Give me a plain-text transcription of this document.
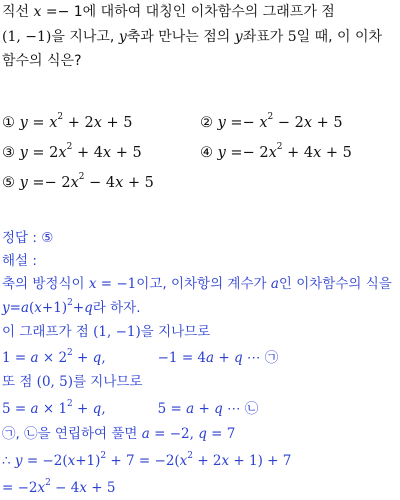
직선 x =− 1에 대하여 대칭인 이차함수의 그래프가 점
(1, −1)을 지나고, y축과 만나는 점의 y좌표가 5일 때, 이 이차
함수의 식은?
① $y = x^2 + 2x + 5$	② $y =- x^2 - 2x + 5$
③ $y = 2x^2 + 4x + 5$	④ $y =- 2x^2 + 4x + 5$
⑤ $y =- 2x^2 - 4x + 5$
정답 : ⑤
해설 :
축의 방정식이 x = −1이고, 이차항의 계수가 a인 이차함수의 식을
$y=a(x+1)^2+q$라 하자.
이 그래프가 점 (1, −1)을 지나므로
$1 = a \times 2^2 + q$,	−1 = 4a + q ⋯ ㉠
또 점 (0, 5)를 지나므로
$5 = a \times 1^2 + q$,	5 = a + q ⋯ ㉡
㉠, ㉡을 연립하여 풀면 a = −2, q = 7
∴ $y = -2(x+1)^2 + 7 = -2(x^2 + 2x + 1) + 7$
= $-2x^2 - 4x + 5$
